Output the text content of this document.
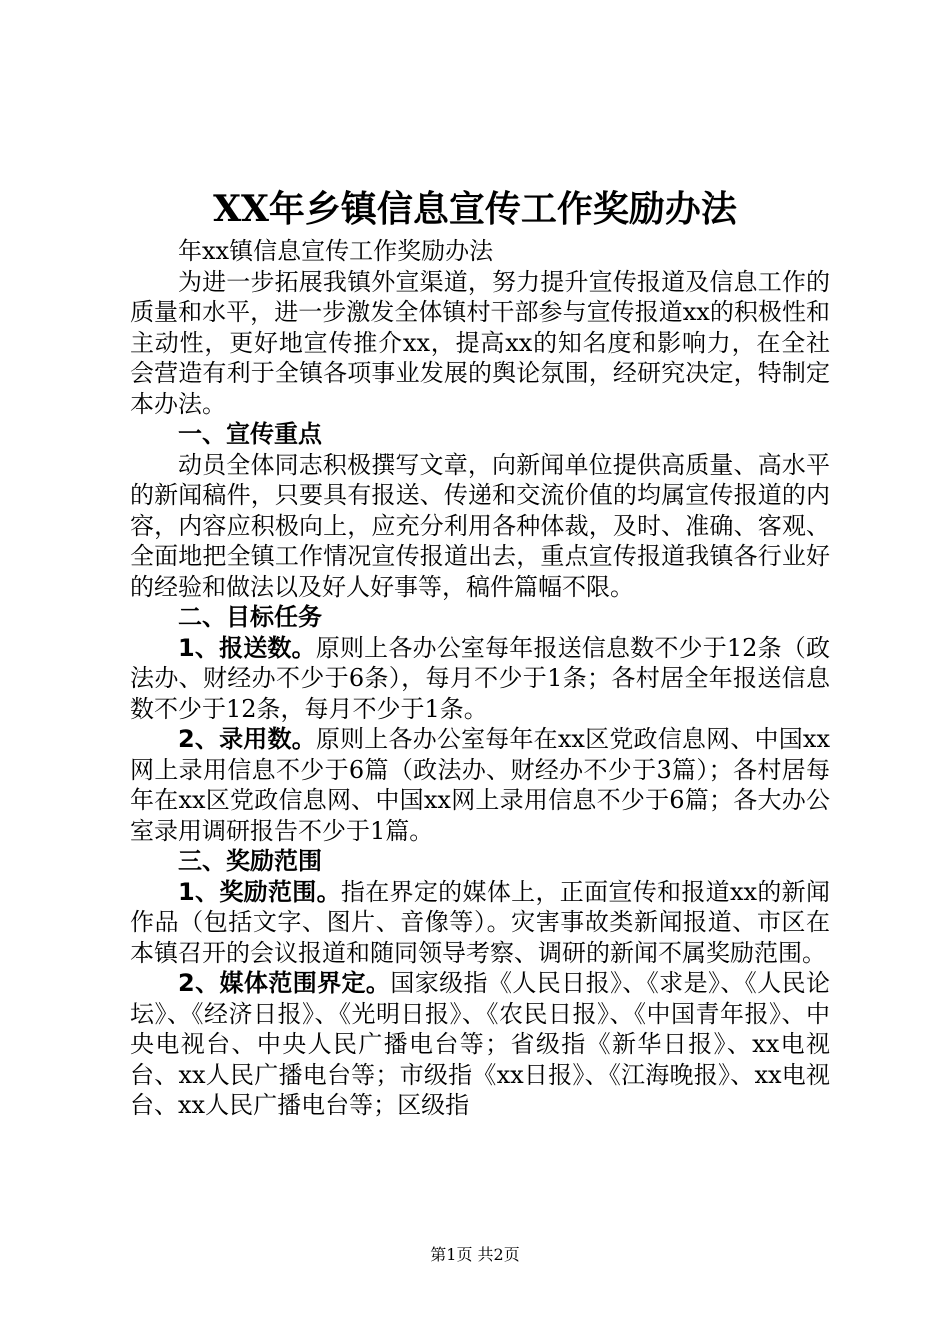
XX年乡镇信息宣传工作奖励办法

年xx镇信息宣传工作奖励办法

为进一步拓展我镇外宣渠道，努力提升宣传报道及信息工作的质量和水平，进一步激发全体镇村干部参与宣传报道xx的积极性和主动性，更好地宣传推介xx，提高xx的知名度和影响力，在全社会营造有利于全镇各项事业发展的舆论氛围，经研究决定，特制定本办法。

一、宣传重点

动员全体同志积极撰写文章，向新闻单位提供高质量、高水平的新闻稿件，只要具有报送、传递和交流价值的均属宣传报道的内容，内容应积极向上，应充分利用各种体裁，及时、准确、客观、全面地把全镇工作情况宣传报道出去，重点宣传报道我镇各行业好的经验和做法以及好人好事等，稿件篇幅不限。

二、目标任务

1、报送数。原则上各办公室每年报送信息数不少于12条（政法办、财经办不少于6条），每月不少于1条；各村居全年报送信息数不少于12条，每月不少于1条。

2、录用数。原则上各办公室每年在xx区党政信息网、中国xx网上录用信息不少于6篇（政法办、财经办不少于3篇）；各村居每年在xx区党政信息网、中国xx网上录用信息不少于6篇；各大办公室录用调研报告不少于1篇。

三、奖励范围

1、奖励范围。指在界定的媒体上，正面宣传和报道xx的新闻作品（包括文字、图片、音像等）。灾害事故类新闻报道、市区在本镇召开的会议报道和随同领导考察、调研的新闻不属奖励范围。

2、媒体范围界定。国家级指《人民日报》、《求是》、《人民论坛》、《经济日报》、《光明日报》、《农民日报》、《中国青年报》、中央电视台、中央人民广播电台等；省级指《新华日报》、xx电视台、xx人民广播电台等；市级指《xx日报》、《江海晚报》、xx电视台、xx人民广播电台等；区级指

第1页 共2页
